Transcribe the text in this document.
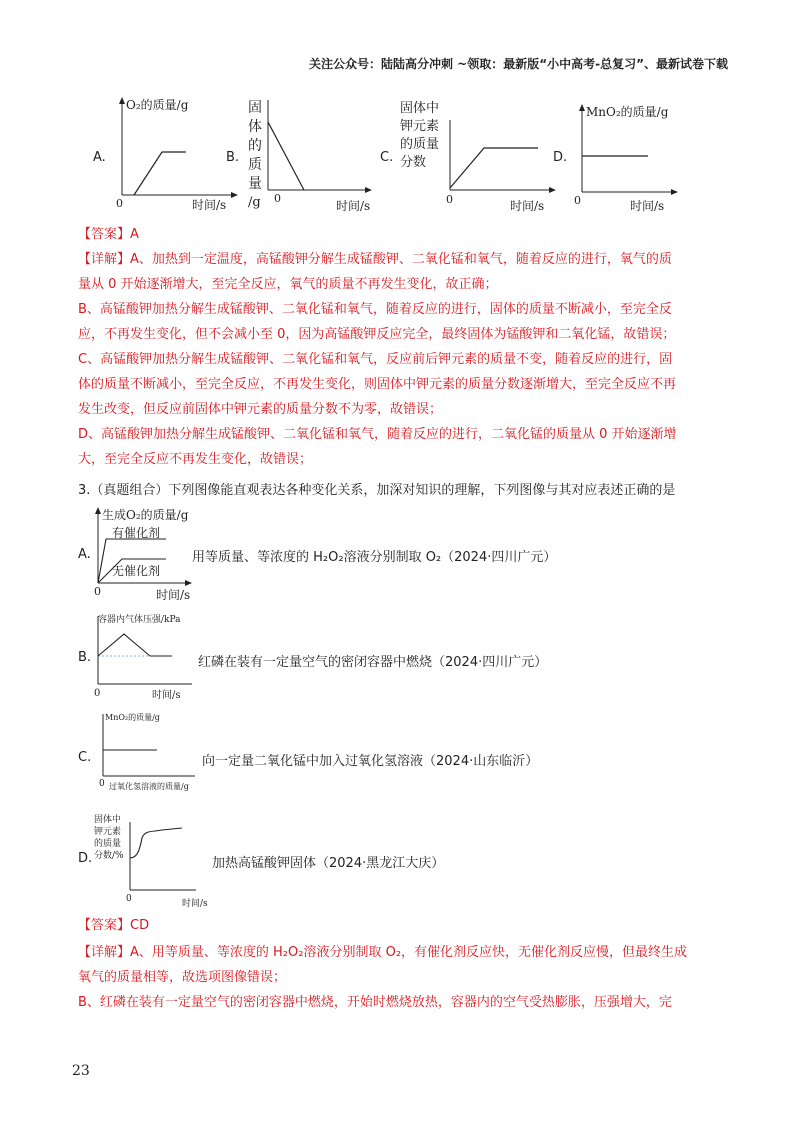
关注公众号：陆陆高分冲刺 ~领取：最新版“小中高考-总复习”、最新试卷下载
A.
O₂的质量/g
0	时间/s
B.
固
体
的
质
量
/g 0
时间/s
C.
固体中
钾元素
的质量
分数
0	时间/s
D.
MnO₂的质量/g
0	时间/s
【答案】A
【详解】A、加热到一定温度，高锰酸钾分解生成锰酸钾、二氧化锰和氧气，随着反应的进行，氧气的质
量从 0 开始逐渐增大，至完全反应，氧气的质量不再发生变化，故正确；
B、高锰酸钾加热分解生成锰酸钾、二氧化锰和氧气，随着反应的进行，固体的质量不断减小，至完全反
应，不再发生变化，但不会减小至 0，因为高锰酸钾反应完全，最终固体为锰酸钾和二氧化锰，故错误；
C、高锰酸钾加热分解生成锰酸钾、二氧化锰和氧气，反应前后钾元素的质量不变，随着反应的进行，固
体的质量不断减小，至完全反应，不再发生变化，则固体中钾元素的质量分数逐渐增大，至完全反应不再
发生改变，但反应前固体中钾元素的质量分数不为零，故错误；
D、高锰酸钾加热分解生成锰酸钾、二氧化锰和氧气，随着反应的进行，二氧化锰的质量从 0 开始逐渐增
大，至完全反应不再发生变化，故错误；
3.（真题组合）下列图像能直观表达各种变化关系，加深对知识的理解，下列图像与其对应表述正确的是
A.
生成O₂的质量/g
有催化剂
无催化剂
0	时间/s
用等质量、等浓度的 H₂O₂溶液分别制取 O₂（2024·四川广元）
B.
容器内气体压强/kPa
0	时间/s
红磷在装有一定量空气的密闭容器中燃烧（2024·四川广元）
C.
MnO₂的质量/g
0 过氧化氢溶液的质量/g
向一定量二氧化锰中加入过氧化氢溶液（2024·山东临沂）
D.
固体中
钾元素
的质量
分数/%
0	时间/s
加热高锰酸钾固体（2024·黑龙江大庆）
【答案】CD
【详解】A、用等质量、等浓度的 H₂O₂溶液分别制取 O₂，有催化剂反应快，无催化剂反应慢，但最终生成
氧气的质量相等，故选项图像错误；
B、红磷在装有一定量空气的密闭容器中燃烧，开始时燃烧放热，容器内的空气受热膨胀，压强增大，完
23
